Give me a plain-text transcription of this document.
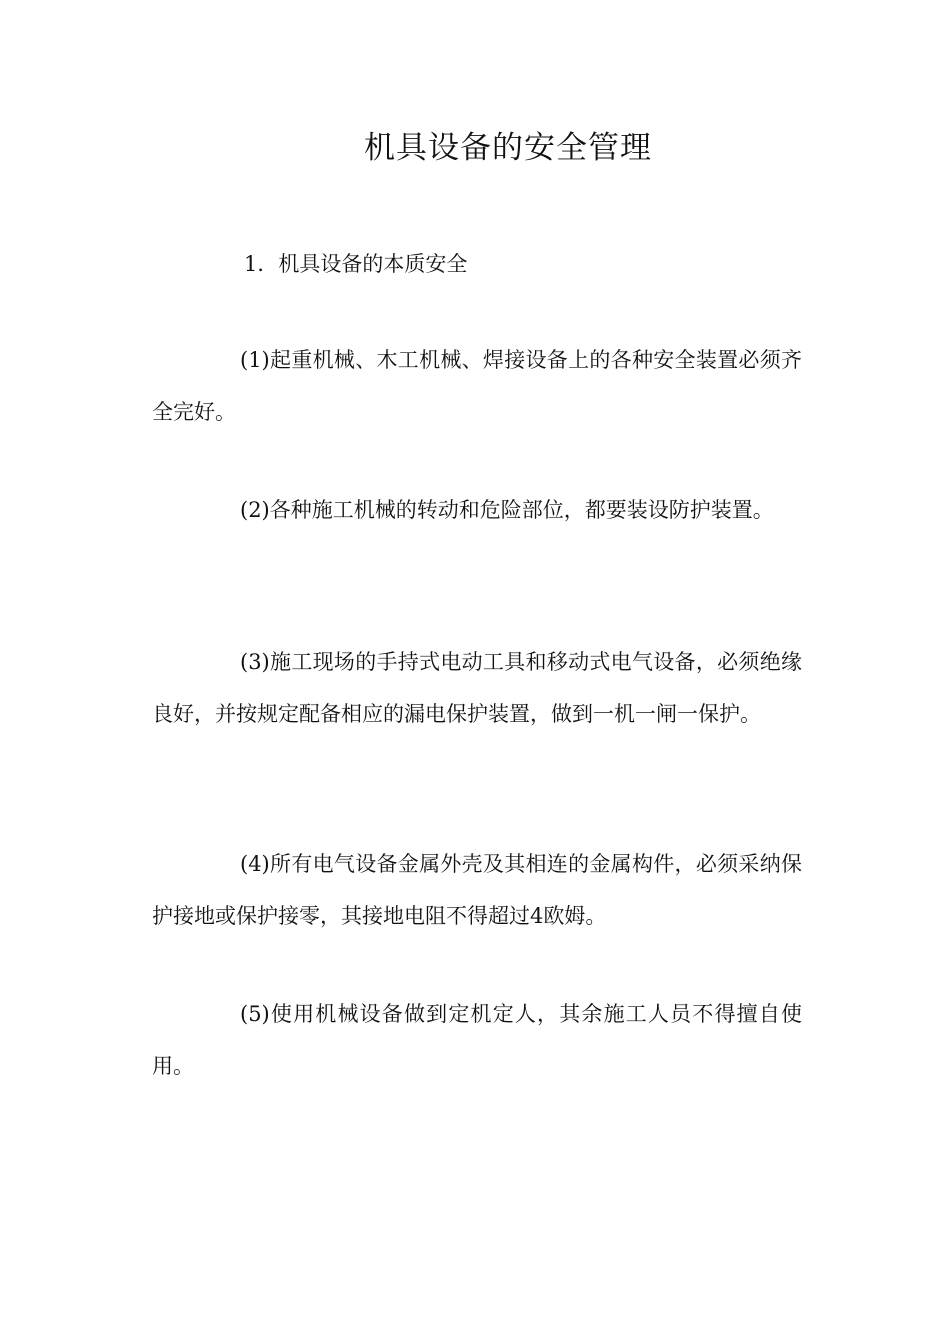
机具设备的安全管理

1．机具设备的本质安全

(1)起重机械、木工机械、焊接设备上的各种安全装置必须齐全完好。

(2)各种施工机械的转动和危险部位，都要装设防护装置。

(3)施工现场的手持式电动工具和移动式电气设备，必须绝缘良好，并按规定配备相应的漏电保护装置，做到一机一闸一保护。

(4)所有电气设备金属外壳及其相连的金属构件，必须采纳保护接地或保护接零，其接地电阻不得超过4欧姆。

(5)使用机械设备做到定机定人，其余施工人员不得擅自使用。
